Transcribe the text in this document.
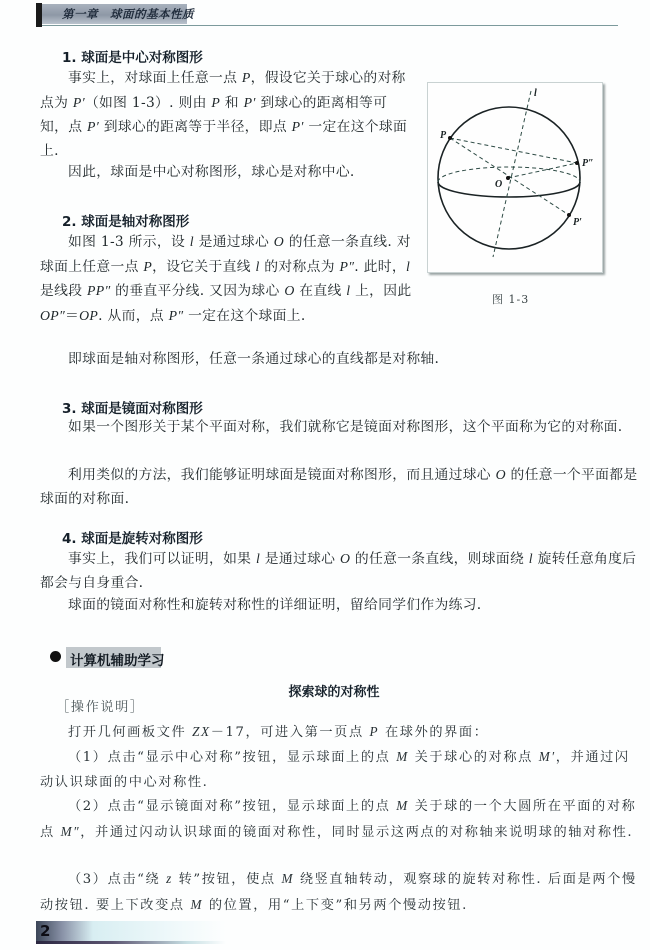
第一章　球面的基本性质
1. 球面是中心对称图形
事实上，对球面上任意一点 P，假设它关于球心的对称点为 P′（如图 1-3）. 则由 P 和 P′ 到球心的距离相等可知，点 P′ 到球心的距离等于半径，即点 P′ 一定在这个球面上.
因此，球面是中心对称图形，球心是对称中心.
2. 球面是轴对称图形
如图 1-3 所示，设 l 是通过球心 O 的任意一条直线. 对球面上任意一点 P，设它关于直线 l 的对称点为 P″. 此时，l 是线段 PP″ 的垂直平分线. 又因为球心 O 在直线 l 上，因此 OP″＝OP. 从而，点 P″ 一定在这个球面上.
即球面是轴对称图形，任意一条通过球心的直线都是对称轴.
l
P
P″
O
P′
图 1-3
3. 球面是镜面对称图形
如果一个图形关于某个平面对称，我们就称它是镜面对称图形，这个平面称为它的对称面.
利用类似的方法，我们能够证明球面是镜面对称图形，而且通过球心 O 的任意一个平面都是球面的对称面.
4. 球面是旋转对称图形
事实上，我们可以证明，如果 l 是通过球心 O 的任意一条直线，则球面绕 l 旋转任意角度后都会与自身重合.
球面的镜面对称性和旋转对称性的详细证明，留给同学们作为练习.
计算机辅助学习
探索球的对称性
［操作说明］
打开几何画板文件 ZX－17，可进入第一页点 P 在球外的界面：
（1）点击“显示中心对称”按钮，显示球面上的点 M 关于球心的对称点 M′，并通过闪动认识球面的中心对称性.
（2）点击“显示镜面对称”按钮，显示球面上的点 M 关于球的一个大圆所在平面的对称点 M″，并通过闪动认识球面的镜面对称性，同时显示这两点的对称轴来说明球的轴对称性.
（3）点击“绕 z 转”按钮，使点 M 绕竖直轴转动，观察球的旋转对称性. 后面是两个慢动按钮. 要上下改变点 M 的位置，用“上下变”和另两个慢动按钮.
2
